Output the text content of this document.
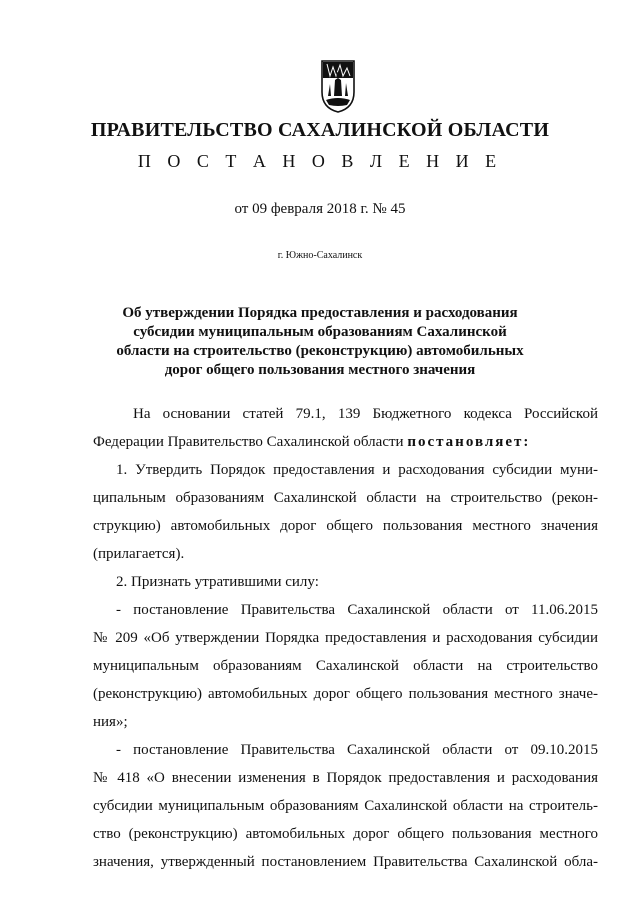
ПРАВИТЕЛЬСТВО САХАЛИНСКОЙ ОБЛАСТИ
П О С Т А Н О В Л Е Н И Е
от 09 февраля 2018 г. № 45
г. Южно-Сахалинск
Об утверждении Порядка предоставления и расходования
субсидии муниципальным образованиям Сахалинской
области на строительство (реконструкцию) автомобильных
дорог общего пользования местного значения
На основании статей 79.1, 139 Бюджетного кодекса Российской
Федерации Правительство Сахалинской области постановляет:
1. Утвердить Порядок предоставления и расходования субсидии муни-
ципальным образованиям Сахалинской области на строительство (рекон-
струкцию) автомобильных дорог общего пользования местного значения
(прилагается).
2. Признать утратившими силу:
- постановление Правительства Сахалинской области от 11.06.2015
№ 209 «Об утверждении Порядка предоставления и расходования субсидии
муниципальным образованиям Сахалинской области на строительство
(реконструкцию) автомобильных дорог общего пользования местного значе-
ния»;
- постановление Правительства Сахалинской области от 09.10.2015
№ 418 «О внесении изменения в Порядок предоставления и расходования
субсидии муниципальным образованиям Сахалинской области на строитель-
ство (реконструкцию) автомобильных дорог общего пользования местного
значения, утвержденный постановлением Правительства Сахалинской обла-
